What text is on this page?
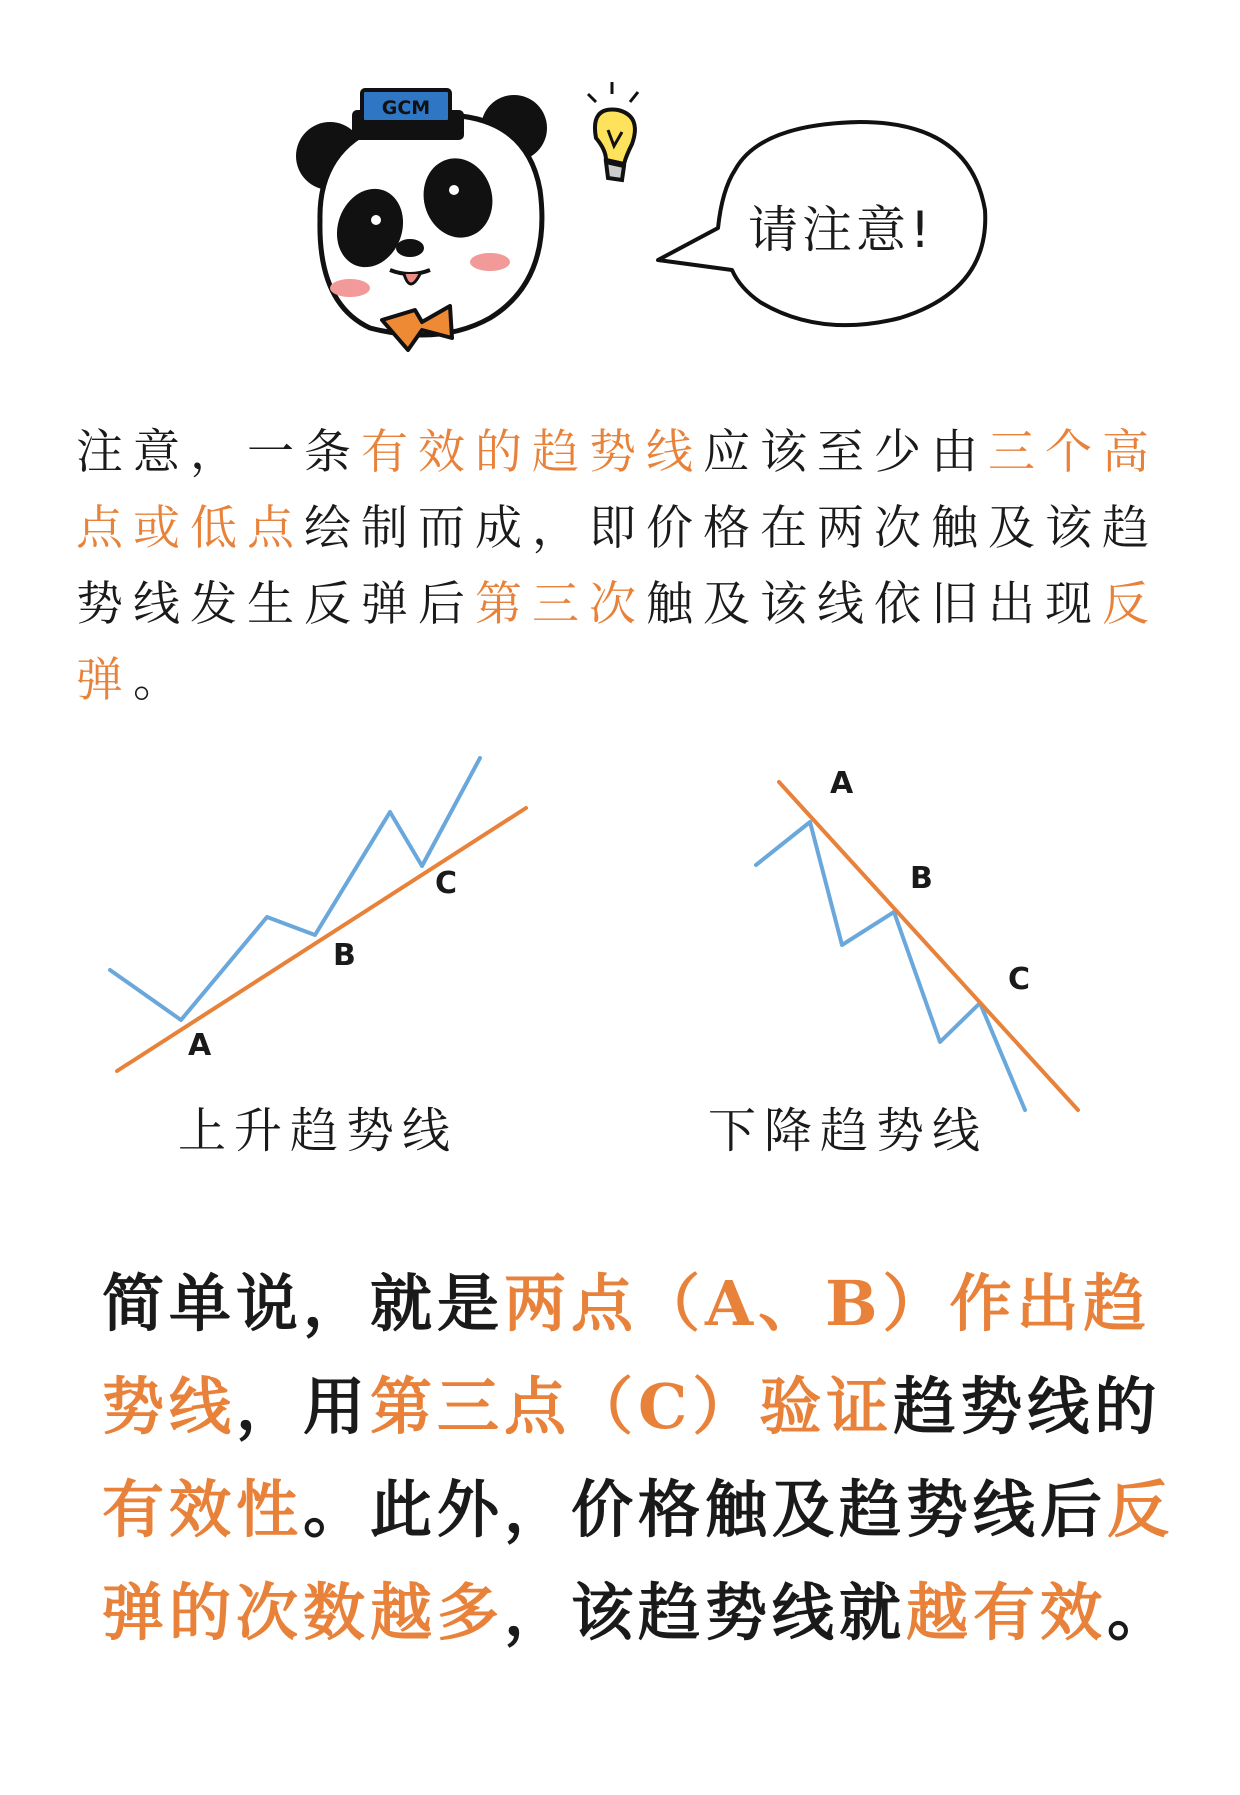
GCM
请注意!

注意，一条有效的趋势线应该至少由三个高点或低点绘制而成，即价格在两次触及该趋势线发生反弹后第三次触及该线依旧出现反弹。

A
B
C
A
B
C
上升趋势线	下降趋势线

简单说，就是两点（A、B）作出趋势线，用第三点（C）验证趋势线的有效性。此外，价格触及趋势线后反弹的次数越多，该趋势线就越有效。
